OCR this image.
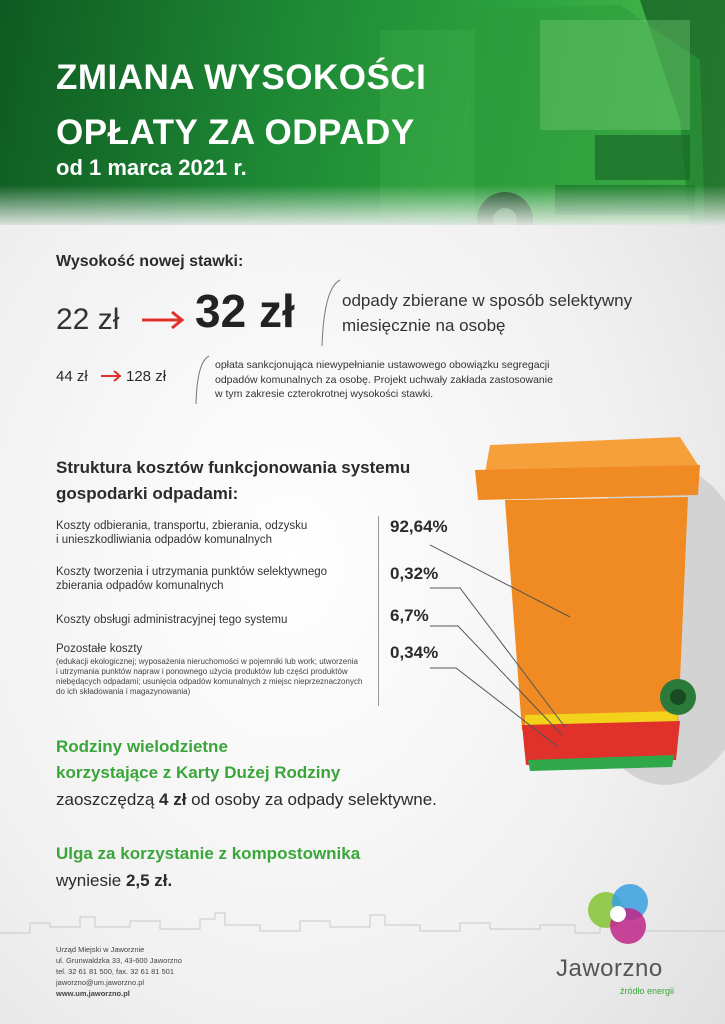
ZMIANA WYSOKOŚCI
OPŁATY ZA ODPADY
od 1 marca 2021 r.
Wysokość nowej stawki:
22 zł 32 zł	odpady zbierane w sposób selektywny
miesięcznie na osobę
44 zł	128 zł
opłata sankcjonująca niewypełnianie ustawowego obowiązku segregacji
odpadów komunalnych za osobę. Projekt uchwały zakłada zastosowanie
w tym zakresie czterokrotnej wysokości stawki.
Struktura kosztów funkcjonowania systemu
gospodarki odpadami:
Koszty odbierania, transportu, zbierania, odzysku
i unieszkodliwiania odpadów komunalnych
Koszty tworzenia i utrzymania punktów selektywnego
zbierania odpadów komunalnych
Koszty obsługi administracyjnej tego systemu
Pozostałe koszty
(edukacji ekologicznej; wyposażenia nieruchomości w pojemniki lub work; utworzenia
i utrzymania punktów napraw i ponownego użycia produktów lub części produktów
niebędących odpadami; usunięcia odpadów komunalnych z miejsc nieprzeznaczonych
do ich składowania i magazynowania)
92,64%
0,32%
6,7%
0,34%
Rodziny wielodzietne
korzystające z Karty Dużej Rodziny
zaoszczędzą 4 zł od osoby za odpady selektywne.
Ulga za korzystanie z kompostownika
wyniesie 2,5 zł.
Urząd Miejski w Jaworznie
ul. Grunwaldzka 33, 43-600 Jaworzno
tel. 32 61 81 500, fax. 32 61 81 501
jaworzno@um.jaworzno.pl
www.um.jaworzno.pl
Jaworzno
źródło energii
